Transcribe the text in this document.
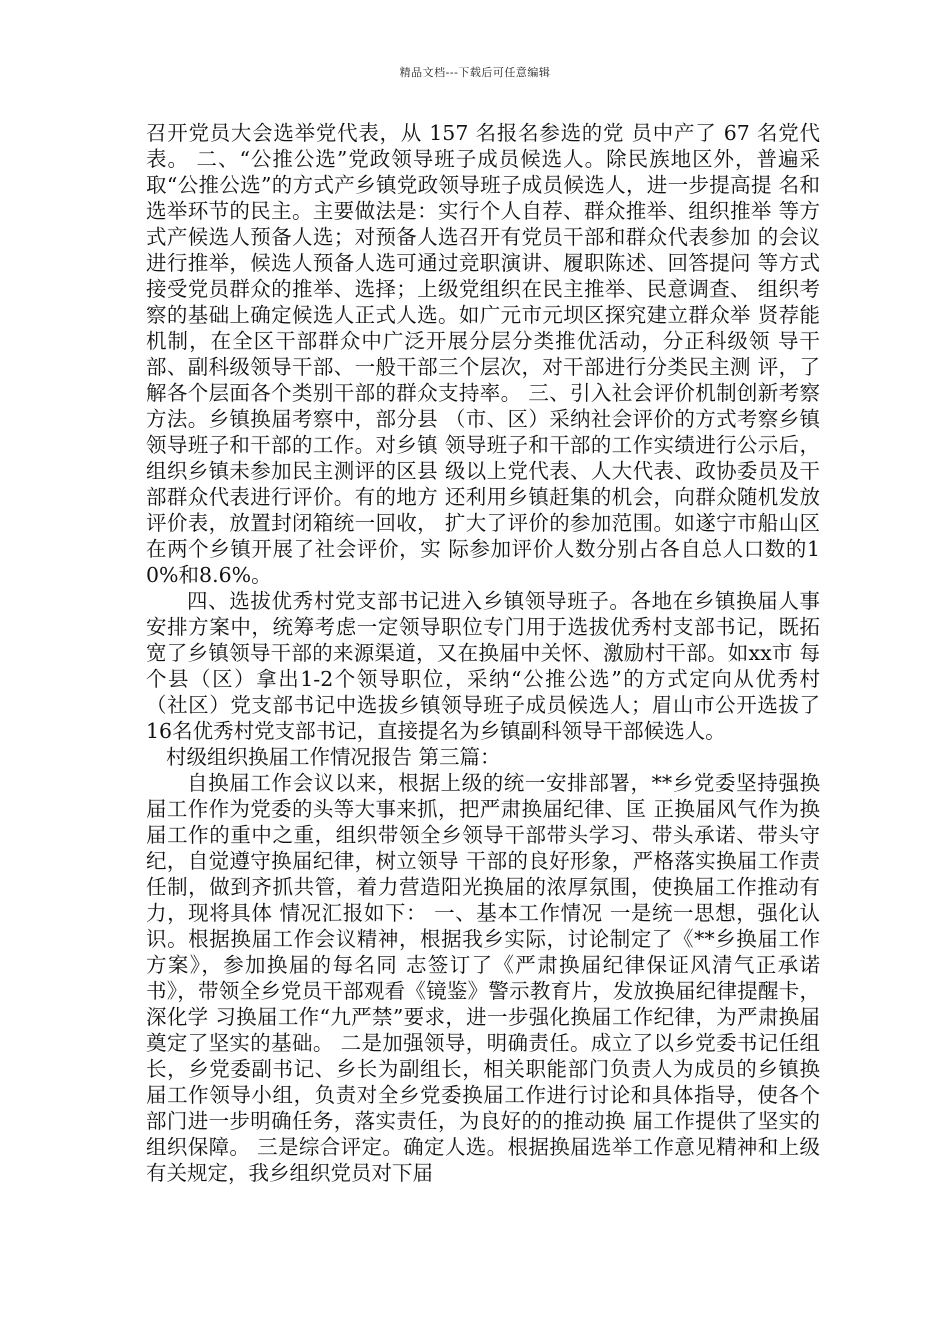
精品文档---下载后可任意编辑

召开党员大会选举党代表，从 157 名报名参选的党 员中产了 67 名党代表。 二、“公推公选”党政领导班子成员候选人。除民族地区外，普遍采 取“公推公选”的方式产乡镇党政领导班子成员候选人，进一步提高提 名和选举环节的民主。主要做法是：实行个人自荐、群众推举、组织推举 等方式产候选人预备人选；对预备人选召开有党员干部和群众代表参加 的会议进行推举，候选人预备人选可通过竞职演讲、履职陈述、回答提问 等方式接受党员群众的推举、选择；上级党组织在民主推举、民意调查、 组织考察的基础上确定候选人正式人选。如广元市元坝区探究建立群众举 贤荐能机制，在全区干部群众中广泛开展分层分类推优活动，分正科级领 导干部、副科级领导干部、一般干部三个层次，对干部进行分类民主测 评，了解各个层面各个类别干部的群众支持率。 三、引入社会评价机制创新考察方法。乡镇换届考察中，部分县 （市、区）采纳社会评价的方式考察乡镇领导班子和干部的工作。对乡镇 领导班子和干部的工作实绩进行公示后，组织乡镇未参加民主测评的区县 级以上党代表、人大代表、政协委员及干部群众代表进行评价。有的地方 还利用乡镇赶集的机会，向群众随机发放评价表，放置封闭箱统一回收， 扩大了评价的参加范围。如遂宁市船山区在两个乡镇开展了社会评价，实 际参加评价人数分别占各自总人口数的10%和8.6%。

四、选拔优秀村党支部书记进入乡镇领导班子。各地在乡镇换届人事 安排方案中，统筹考虑一定领导职位专门用于选拔优秀村支部书记，既拓 宽了乡镇领导干部的来源渠道，又在换届中关怀、激励村干部。如xx市 每个县（区）拿出1-2个领导职位，采纳“公推公选”的方式定向从优秀村 （社区）党支部书记中选拔乡镇领导班子成员候选人；眉山市公开选拔了 16名优秀村党支部书记，直接提名为乡镇副科领导干部候选人。

村级组织换届工作情况报告 第三篇：

自换届工作会议以来，根据上级的统一安排部署，**乡党委坚持强换届工作作为党委的头等大事来抓，把严肃换届纪律、匡 正换届风气作为换届工作的重中之重，组织带领全乡领导干部带头学习、带头承诺、带头守纪，自觉遵守换届纪律，树立领导 干部的良好形象，严格落实换届工作责任制，做到齐抓共管，着力营造阳光换届的浓厚氛围，使换届工作推动有力，现将具体 情况汇报如下： 一、基本工作情况 一是统一思想，强化认识。根据换届工作会议精神，根据我乡实际，讨论制定了《**乡换届工作方案》，参加换届的每名同 志签订了《严肃换届纪律保证风清气正承诺书》，带领全乡党员干部观看《镜鉴》警示教育片，发放换届纪律提醒卡，深化学 习换届工作“九严禁”要求，进一步强化换届工作纪律，为严肃换届奠定了坚实的基础。 二是加强领导，明确责任。成立了以乡党委书记任组长，乡党委副书记、乡长为副组长，相关职能部门负责人为成员的乡镇换 届工作领导小组，负责对全乡党委换届工作进行讨论和具体指导，使各个部门进一步明确任务，落实责任，为良好的的推动换 届工作提供了坚实的组织保障。 三是综合评定。确定人选。根据换届选举工作意见精神和上级有关规定，我乡组织党员对下届
